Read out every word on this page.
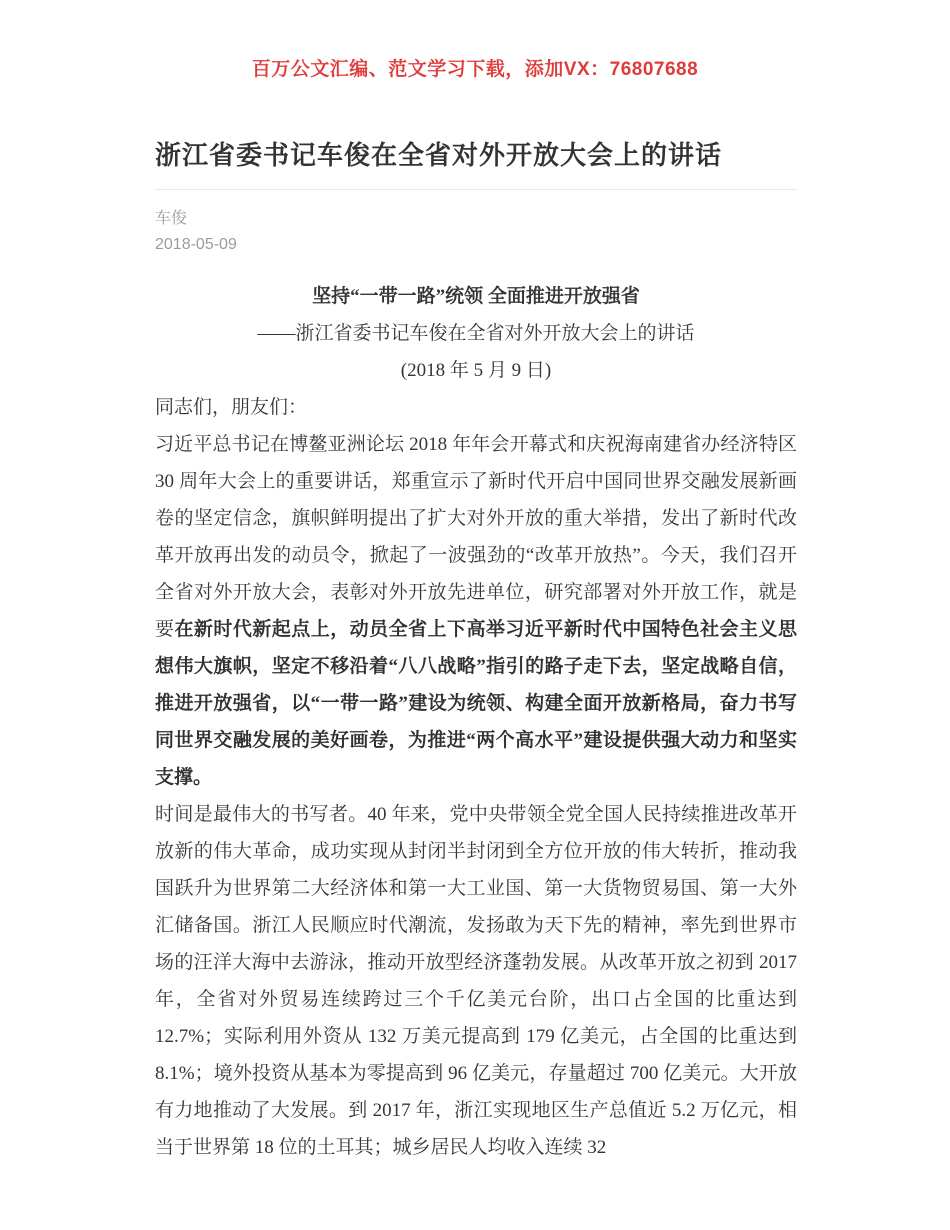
百万公文汇编、范文学习下载，添加VX：76807688
浙江省委书记车俊在全省对外开放大会上的讲话
车俊
2018-05-09
坚持“一带一路”统领 全面推进开放强省
——浙江省委书记车俊在全省对外开放大会上的讲话
(2018 年 5 月 9 日)

同志们，朋友们：

习近平总书记在博鳌亚洲论坛 2018 年年会开幕式和庆祝海南建省办经济特区 30 周年大会上的重要讲话，郑重宣示了新时代开启中国同世界交融发展新画卷的坚定信念，旗帜鲜明提出了扩大对外开放的重大举措，发出了新时代改革开放再出发的动员令，掀起了一波强劲的“改革开放热”。今天，我们召开全省对外开放大会，表彰对外开放先进单位，研究部署对外开放工作，就是要在新时代新起点上，动员全省上下高举习近平新时代中国特色社会主义思想伟大旗帜，坚定不移沿着“八八战略”指引的路子走下去，坚定战略自信，推进开放强省，以“一带一路”建设为统领、构建全面开放新格局，奋力书写同世界交融发展的美好画卷，为推进“两个高水平”建设提供强大动力和坚实支撑。

时间是最伟大的书写者。40 年来，党中央带领全党全国人民持续推进改革开放新的伟大革命，成功实现从封闭半封闭到全方位开放的伟大转折，推动我国跃升为世界第二大经济体和第一大工业国、第一大货物贸易国、第一大外汇储备国。浙江人民顺应时代潮流，发扬敢为天下先的精神，率先到世界市场的汪洋大海中去游泳，推动开放型经济蓬勃发展。从改革开放之初到 2017 年，全省对外贸易连续跨过三个千亿美元台阶，出口占全国的比重达到 12.7%；实际利用外资从 132 万美元提高到 179 亿美元，占全国的比重达到 8.1%；境外投资从基本为零提高到 96 亿美元，存量超过 700 亿美元。大开放有力地推动了大发展。到 2017 年，浙江实现地区生产总值近 5.2 万亿元，相当于世界第 18 位的土耳其；城乡居民人均收入连续 32
